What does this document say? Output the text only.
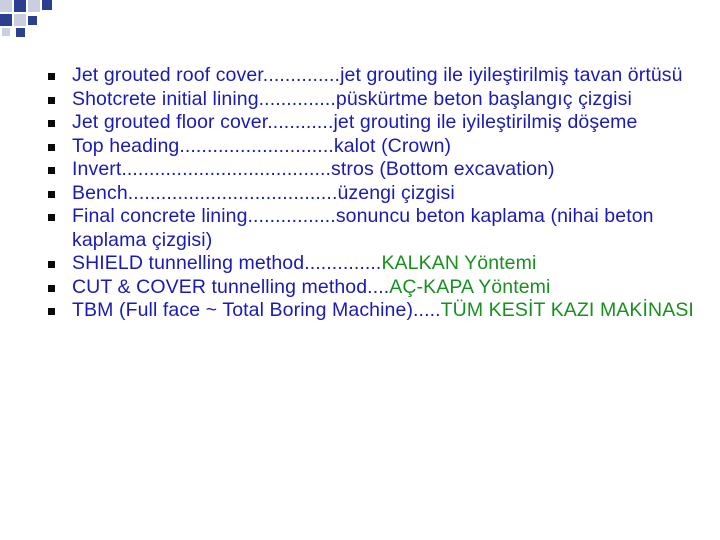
Jet grouted roof cover..............jet grouting ile iyileştirilmiş tavan örtüsü
Shotcrete initial lining..............püskürtme beton başlangıç çizgisi
Jet grouted floor cover............jet grouting ile iyileştirilmiş döşeme
Top heading............................kalot (Crown)
Invert......................................stros (Bottom excavation)
Bench......................................üzengi çizgisi
Final concrete lining................sonuncu beton kaplama (nihai beton kaplama çizgisi)
SHIELD tunnelling method..............KALKAN Yöntemi
CUT & COVER tunnelling method....AÇ-KAPA Yöntemi
TBM (Full face ~ Total Boring Machine).....TÜM KESİT KAZI MAKİNASI
